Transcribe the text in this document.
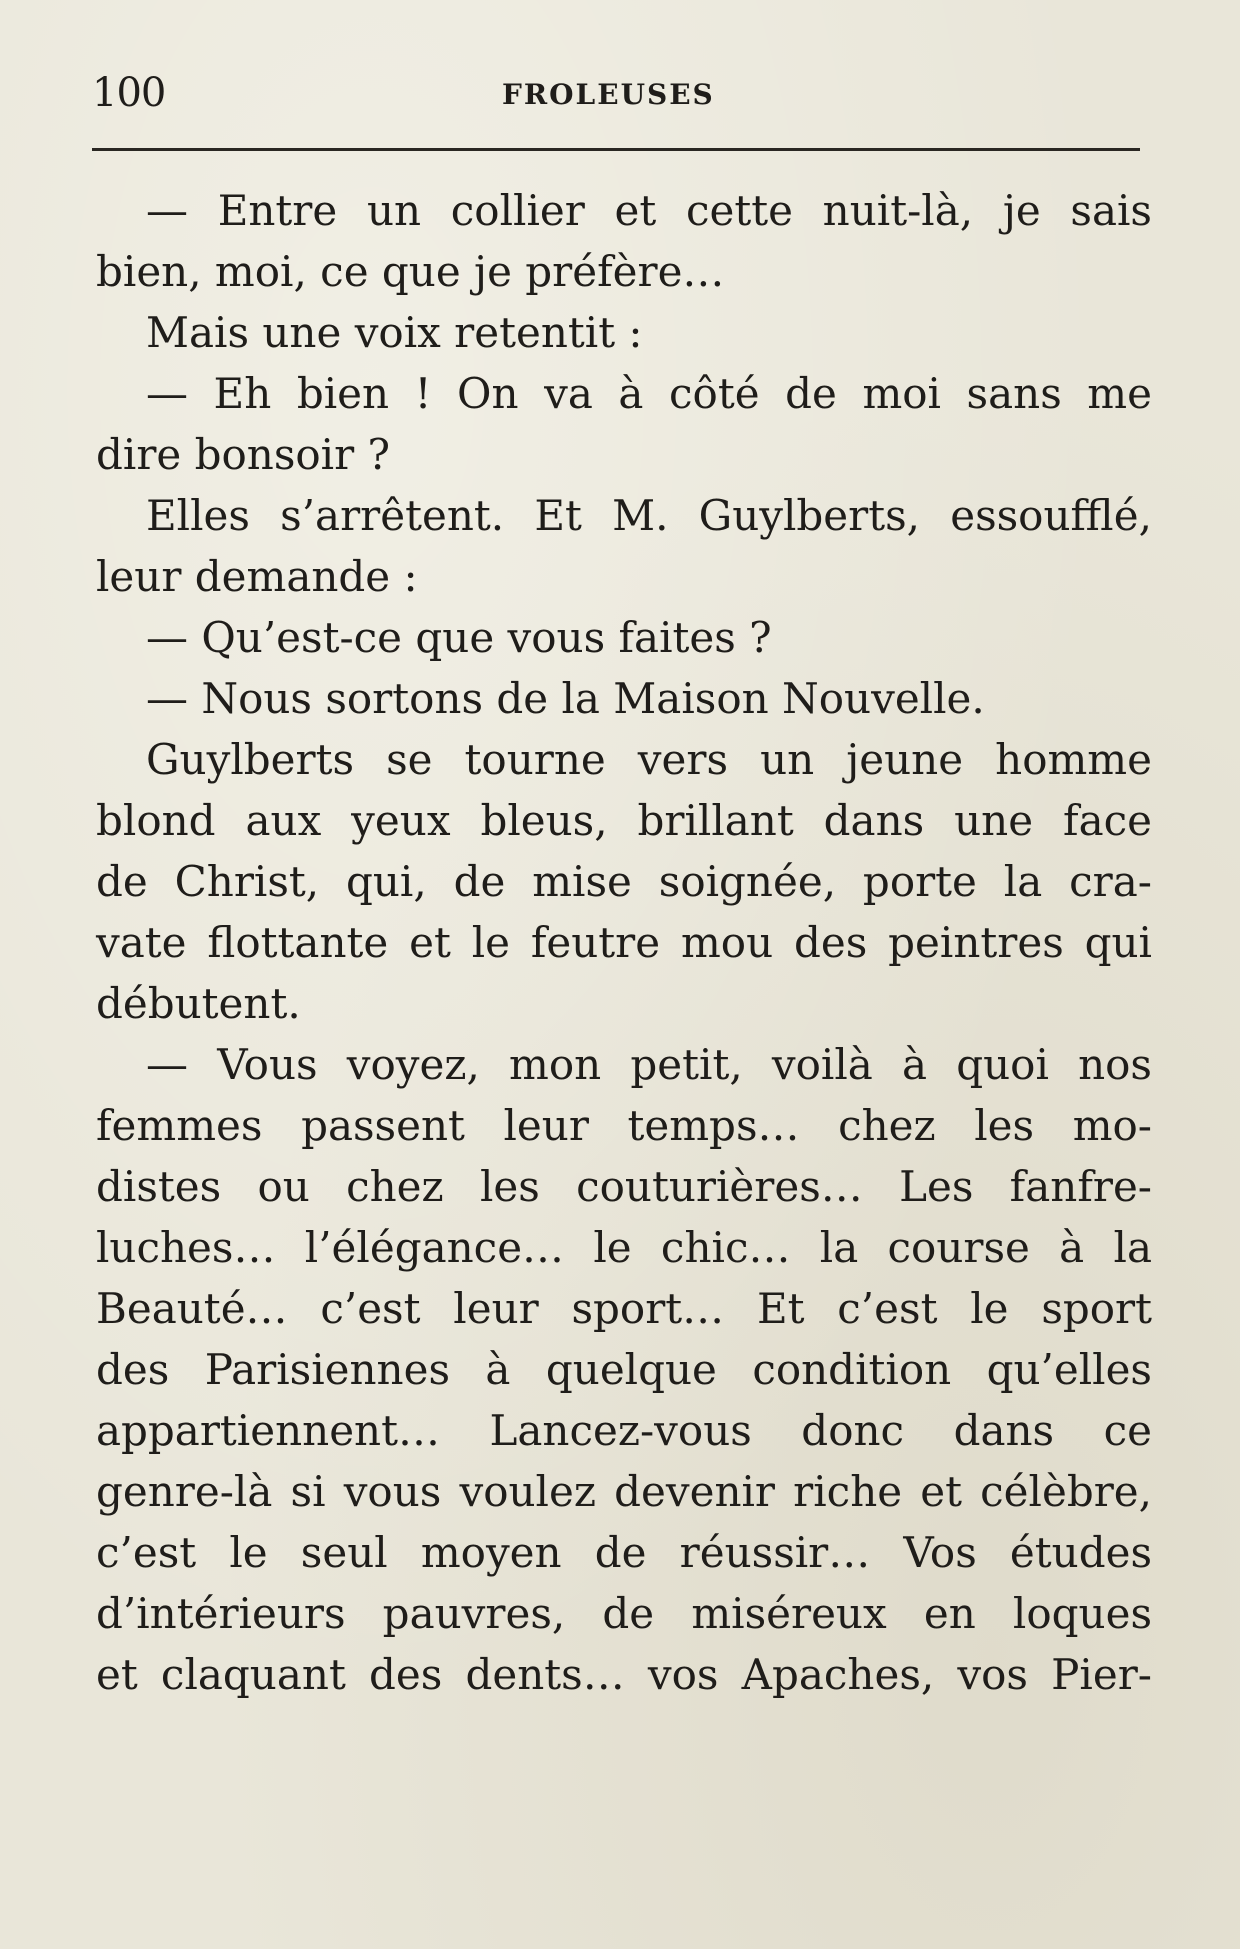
100	FROLEUSES
— Entre un collier et cette nuit-là, je sais
bien, moi, ce que je préfère…
Mais une voix retentit :
— Eh bien ! On va à côté de moi sans me
dire bonsoir ?
Elles s’arrêtent. Et M. Guylberts, essoufflé,
leur demande :
— Qu’est-ce que vous faites ?
— Nous sortons de la Maison Nouvelle.
Guylberts se tourne vers un jeune homme
blond aux yeux bleus, brillant dans une face
de Christ, qui, de mise soignée, porte la cra-
vate flottante et le feutre mou des peintres qui
débutent.
— Vous voyez, mon petit, voilà à quoi nos
femmes passent leur temps… chez les mo-
distes ou chez les couturières… Les fanfre-
luches… l’élégance… le chic… la course à la
Beauté… c’est leur sport… Et c’est le sport
des Parisiennes à quelque condition qu’elles
appartiennent… Lancez-vous donc dans ce
genre-là si vous voulez devenir riche et célèbre,
c’est le seul moyen de réussir… Vos études
d’intérieurs pauvres, de miséreux en loques
et claquant des dents… vos Apaches, vos Pier-
